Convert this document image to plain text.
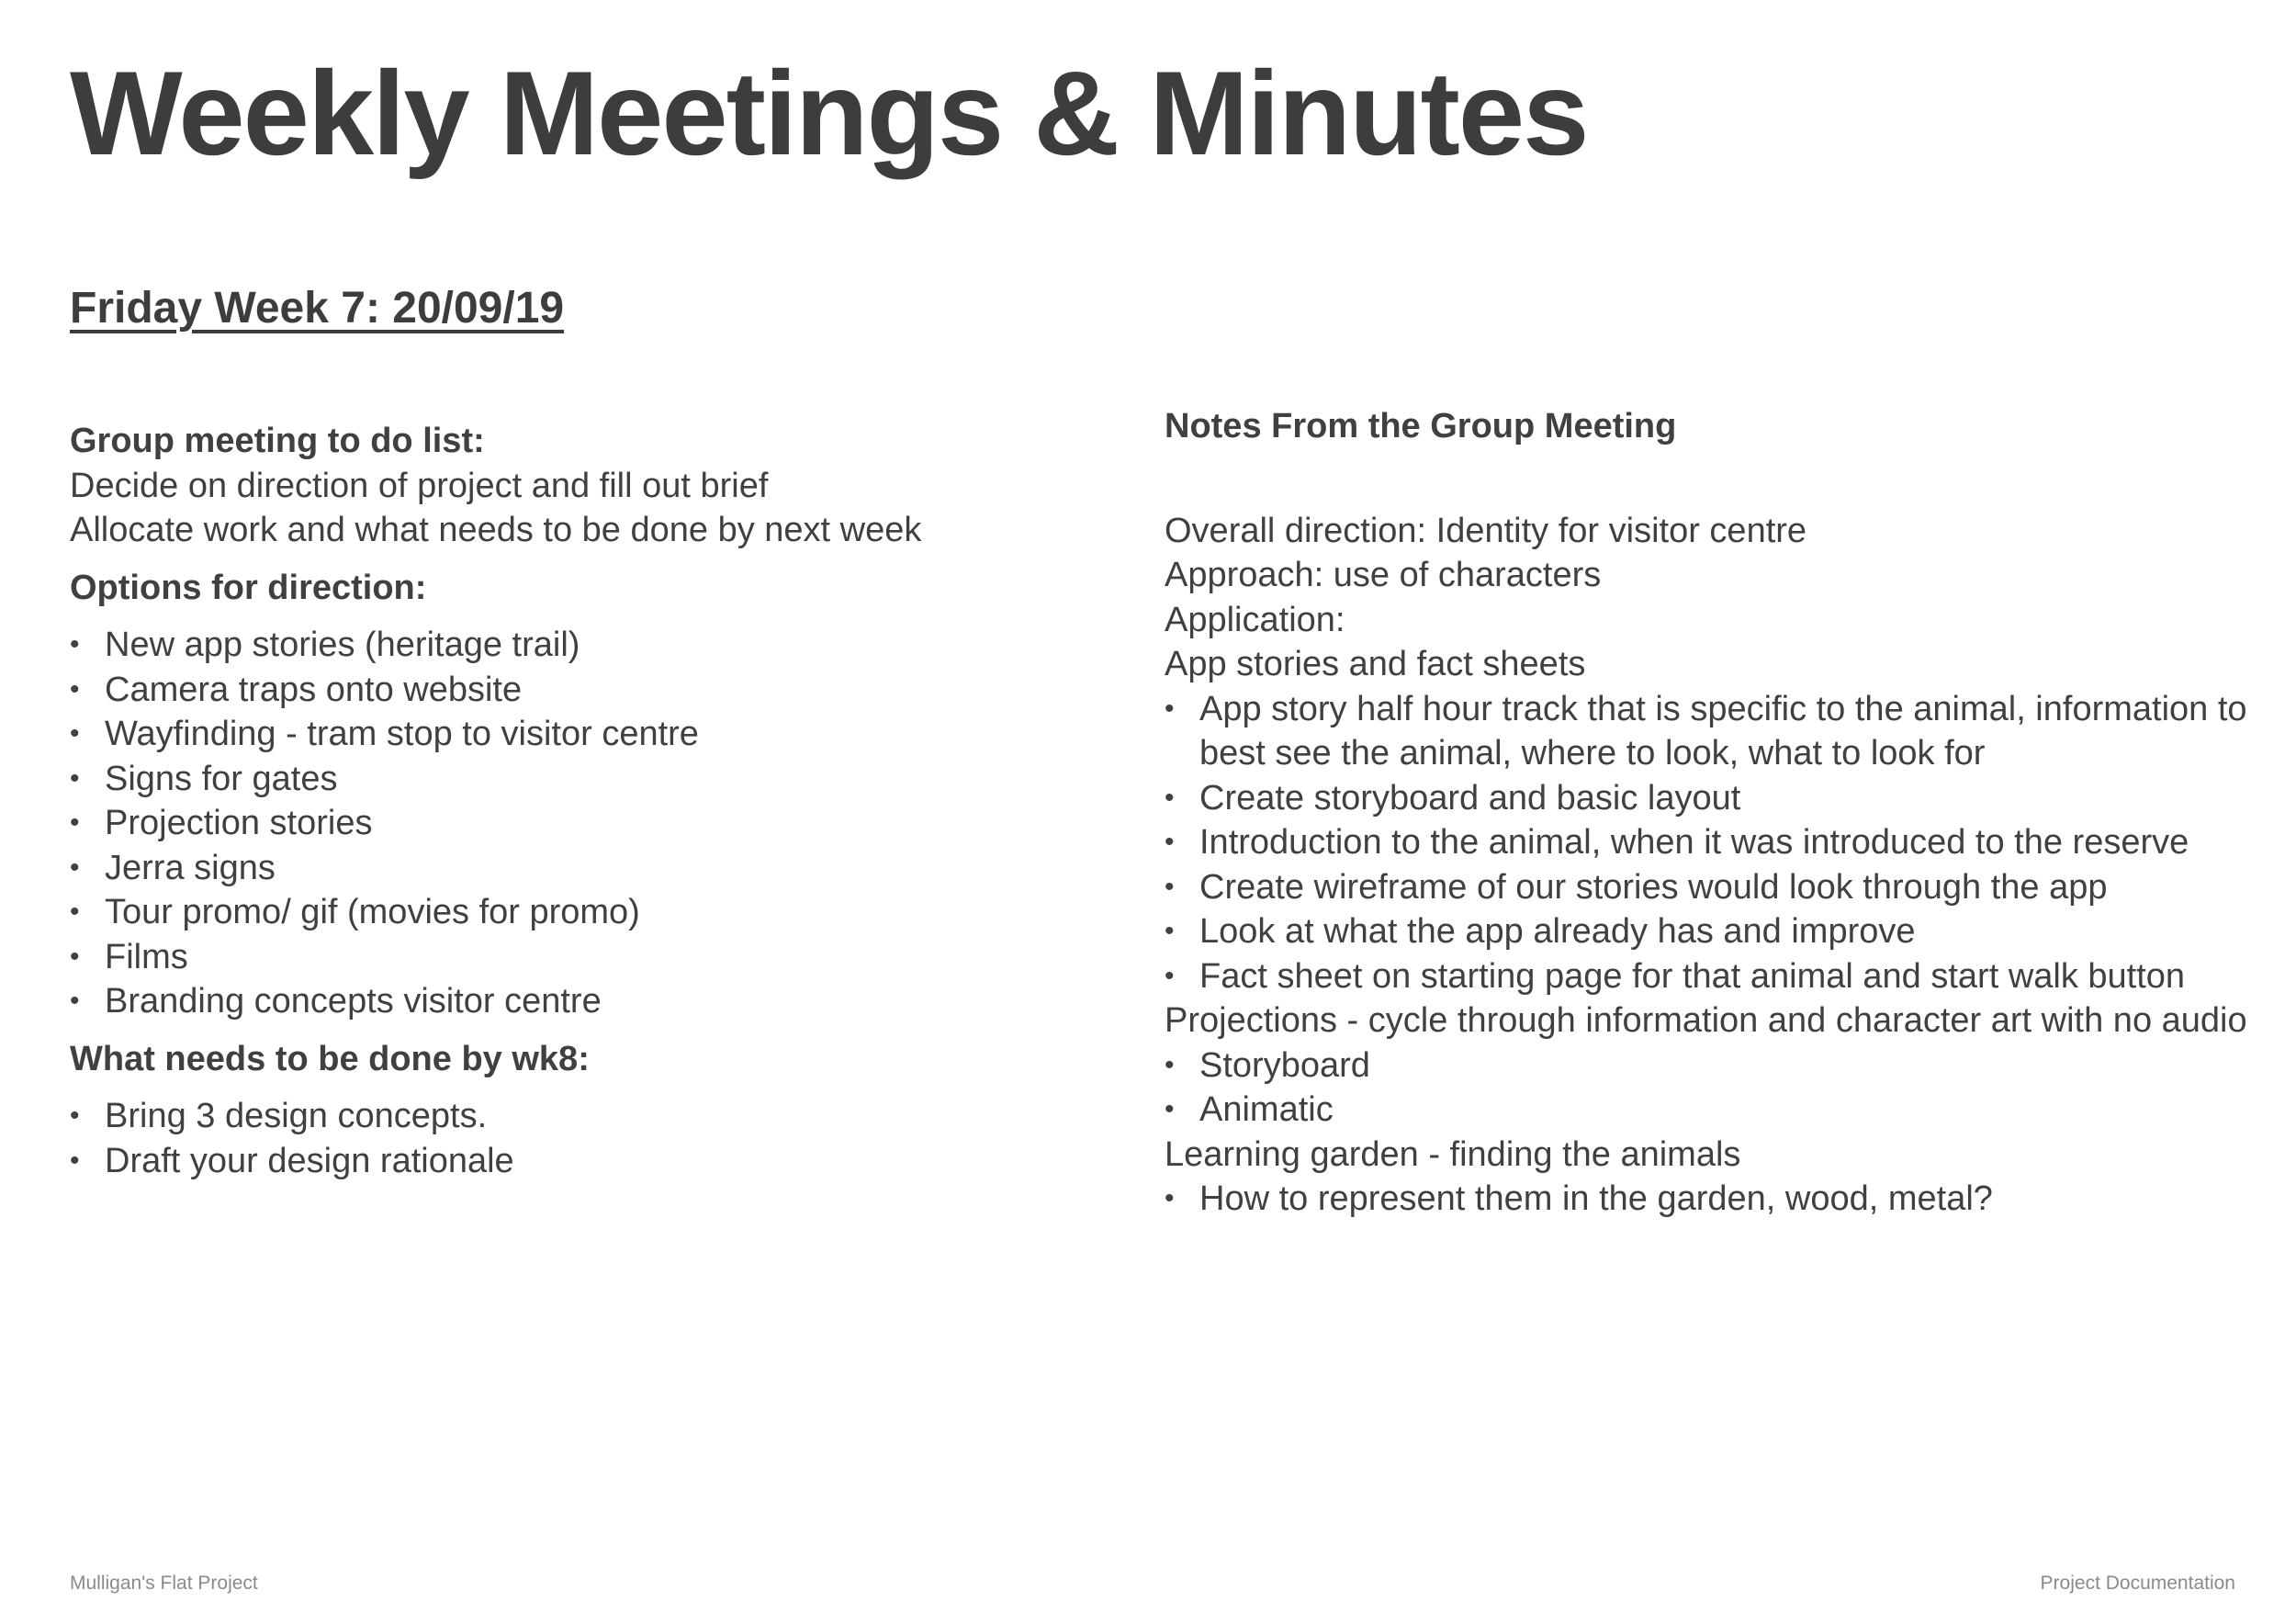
Weekly Meetings & Minutes
Friday Week 7: 20/09/19

Group meeting to do list:

Decide on direction of project and fill out brief

Allocate work and what needs to be done by next week

Options for direction:

• New app stories (heritage trail)
• Camera traps onto website
• Wayfinding - tram stop to visitor centre
• Signs for gates
• Projection stories
• Jerra signs
• Tour promo/ gif (movies for promo)
• Films
• Branding concepts visitor centre

What needs to be done by wk8:

• Bring 3 design concepts.
• Draft your design rationale

Notes From the Group Meeting

Overall direction: Identity for visitor centre

Approach: use of characters

Application:

App stories and fact sheets

• App story half hour track that is specific to the animal, information to best see the animal, where to look, what to look for
• Create storyboard and basic layout
• Introduction to the animal, when it was introduced to the reserve
• Create wireframe of our stories would look through the app
• Look at what the app already has and improve
• Fact sheet on starting page for that animal and start walk button

Projections - cycle through information and character art with no audio

• Storyboard
• Animatic

Learning garden - finding the animals

• How to represent them in the garden, wood, metal?
Mulligan's Flat Project	Project Documentation
